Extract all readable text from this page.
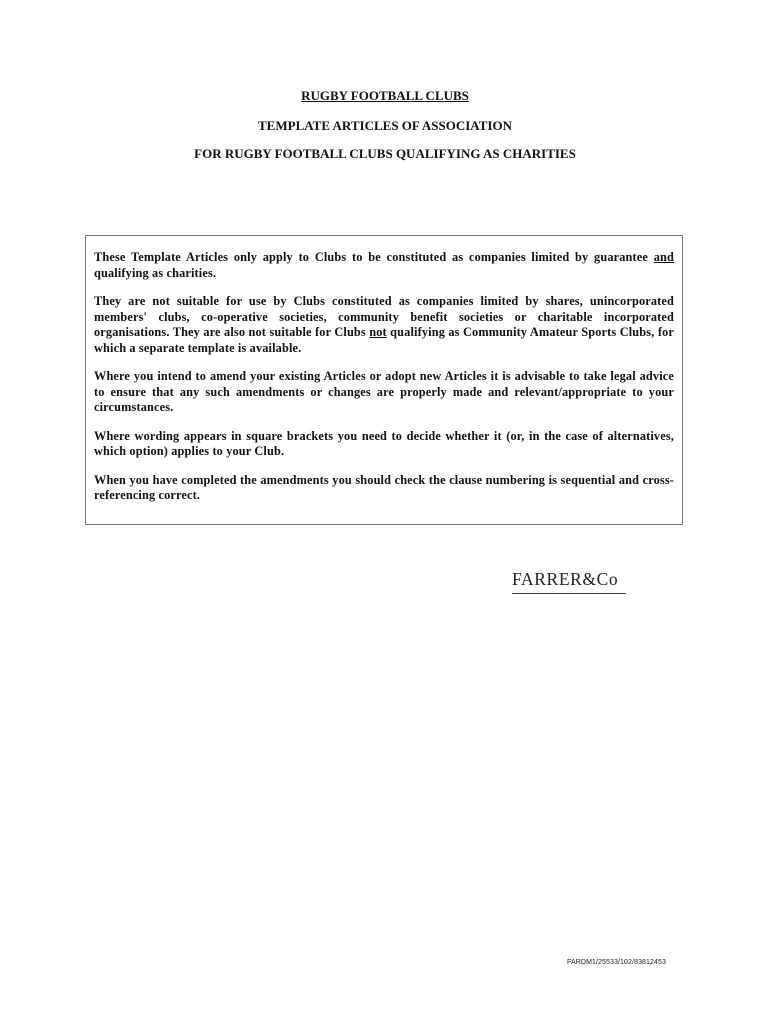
RUGBY FOOTBALL CLUBS
TEMPLATE ARTICLES OF ASSOCIATION
FOR RUGBY FOOTBALL CLUBS QUALIFYING AS CHARITIES

These Template Articles only apply to Clubs to be constituted as companies limited by guarantee and qualifying as charities.

They are not suitable for use by Clubs constituted as companies limited by shares, unincorporated members' clubs, co-operative societies, community benefit societies or charitable incorporated organisations. They are also not suitable for Clubs not qualifying as Community Amateur Sports Clubs, for which a separate template is available.

Where you intend to amend your existing Articles or adopt new Articles it is advisable to take legal advice to ensure that any such amendments or changes are properly made and relevant/appropriate to your circumstances.

Where wording appears in square brackets you need to decide whether it (or, in the case of alternatives, which option) applies to your Club.

When you have completed the amendments you should check the clause numbering is sequential and cross-referencing correct.

FARRER&Co
FARDM1/25533/102/83812453
